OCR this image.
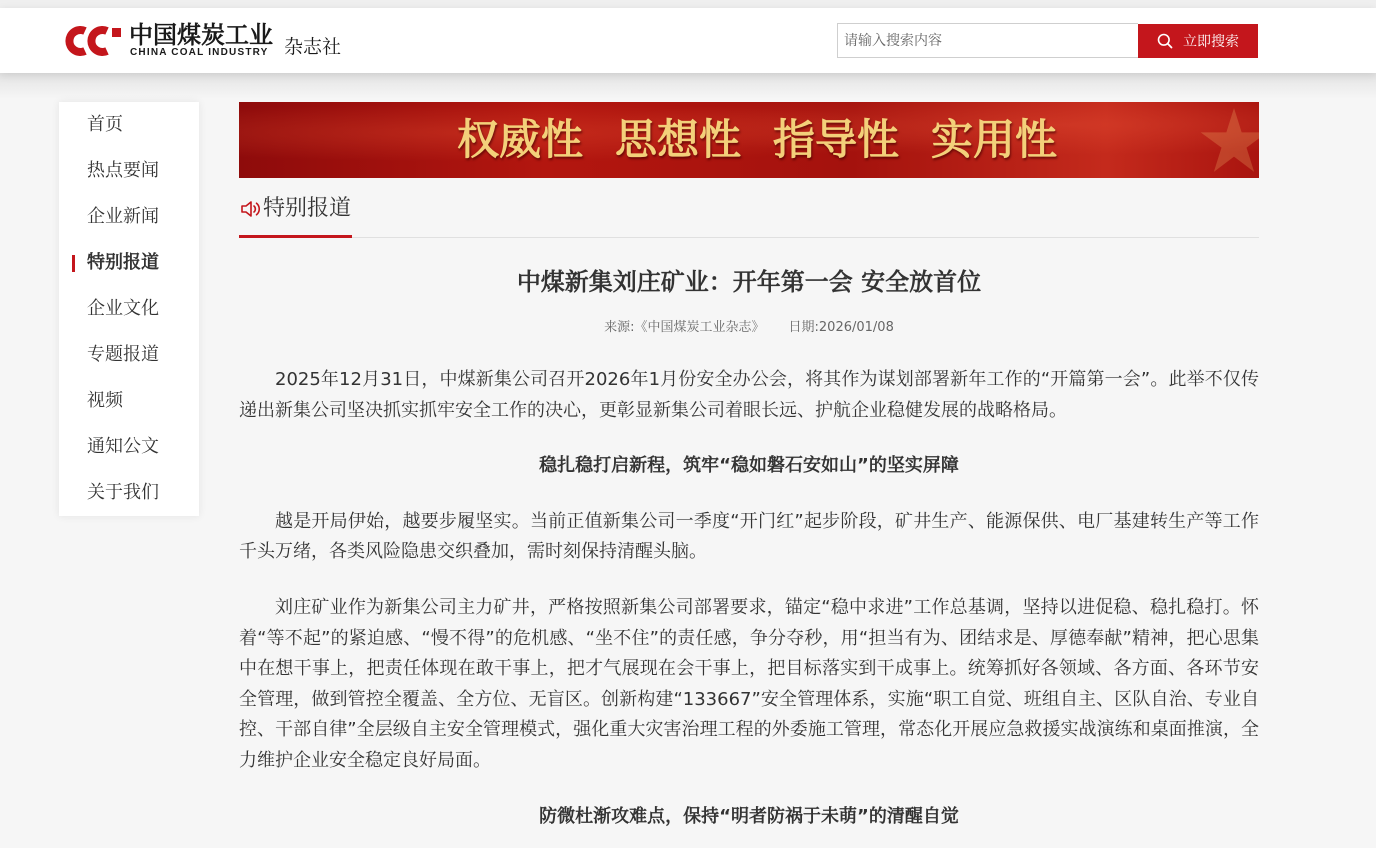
中国煤炭工业
CHINA COAL INDUSTRY 杂志社
请输入搜索内容	立即搜索
首页
热点要闻
企业新闻
特别报道
企业文化
专题报道
视频
通知公文
关于我们
权威性 思想性 指导性 实用性
特别报道
中煤新集刘庄矿业：开年第一会 安全放首位
来源:《中国煤炭工业杂志》 日期:2026/01/08

2025年12月31日，中煤新集公司召开2026年1月份安全办公会，将其作为谋划部署新年工作的“开篇第一会”。此举不仅传递出新集公司坚决抓实抓牢安全工作的决心，更彰显新集公司着眼长远、护航企业稳健发展的战略格局。

稳扎稳打启新程，筑牢“稳如磐石安如山”的坚实屏障

越是开局伊始，越要步履坚实。当前正值新集公司一季度“开门红”起步阶段，矿井生产、能源保供、电厂基建转生产等工作千头万绪，各类风险隐患交织叠加，需时刻保持清醒头脑。

刘庄矿业作为新集公司主力矿井，严格按照新集公司部署要求，锚定“稳中求进”工作总基调，坚持以进促稳、稳扎稳打。怀着“等不起”的紧迫感、“慢不得”的危机感、“坐不住”的责任感，争分夺秒，用“担当有为、团结求是、厚德奉献”精神，把心思集中在想干事上，把责任体现在敢干事上，把才气展现在会干事上，把目标落实到干成事上。统筹抓好各领域、各方面、各环节安全管理，做到管控全覆盖、全方位、无盲区。创新构建“133667”安全管理体系，实施“职工自觉、班组自主、区队自治、专业自控、干部自律”全层级自主安全管理模式，强化重大灾害治理工程的外委施工管理，常态化开展应急救援实战演练和桌面推演，全力维护企业安全稳定良好局面。

防微杜渐攻难点，保持“明者防祸于未萌”的清醒自觉
